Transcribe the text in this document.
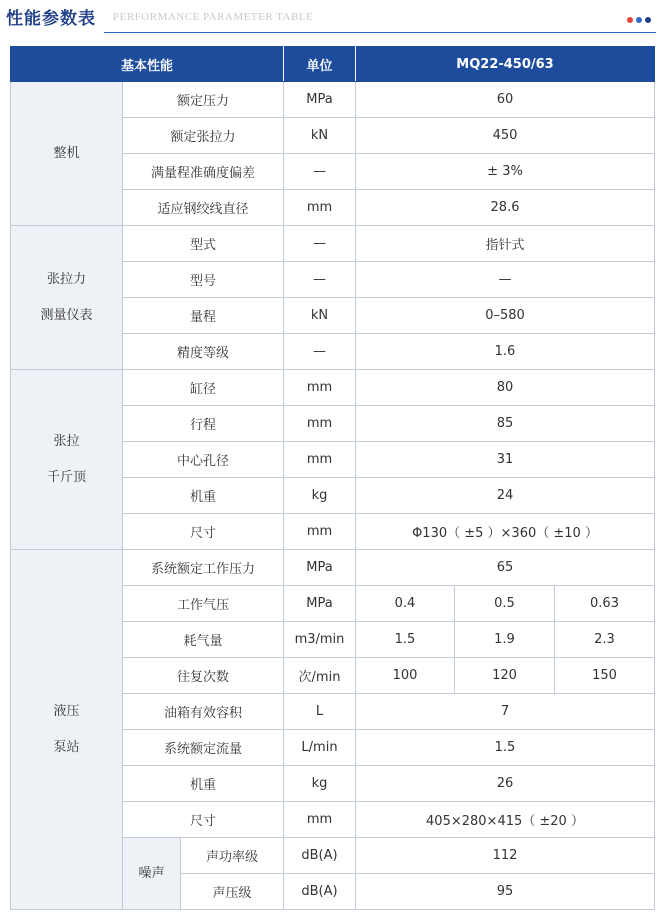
性能参数表 PERFORMANCE PARAMETER TABLE
基本性能			单位	MQ22-450/63		

整机	额定压力		MPa	60		
	额定张拉力		kN	450		
	满量程准确度偏差		—	± 3%		
	适应钢绞线直径		mm	28.6		

张拉力
测量仪表	型式		—	指针式		
	型号		—	—		
	量程		kN	0–580		
	精度等级		—	1.6		

张拉
千斤顶	缸径		mm	80		
	行程		mm	85		
	中心孔径		mm	31		
	机重		kg	24		
	尺寸		mm	Φ130（ ±5 ）×360（ ±10 ）		

液压
泵站	系统额定工作压力		MPa	65		
	工作气压		MPa	0.4	0.5	0.63
	耗气量		m3/min	1.5	1.9	2.3
	往复次数		次/min	100	120	150
	油箱有效容积		L	7		
	系统额定流量		L/min	1.5		
	机重		kg	26		
	尺寸		mm	405×280×415（ ±20 ）		
	噪声	声功率级	dB(A)	112		
		声压级	dB(A)	95		
